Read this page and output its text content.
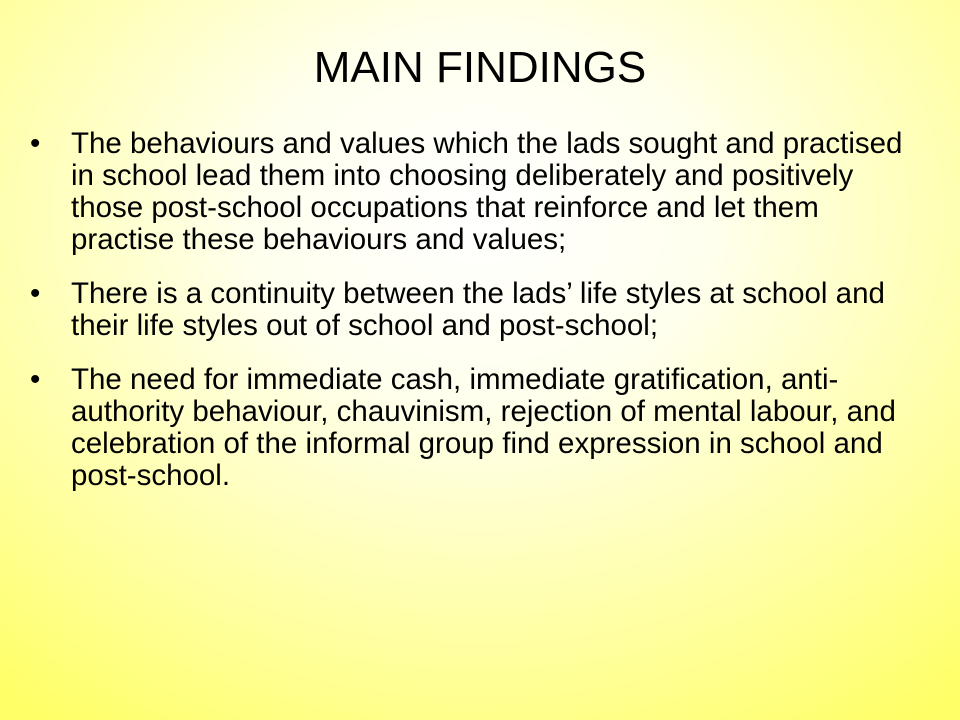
MAIN FINDINGS
•	The behaviours and values which the lads sought and practised in school lead them into choosing deliberately and positively those post-school occupations that reinforce and let them practise these behaviours and values;
•	There is a continuity between the lads’ life styles at school and their life styles out of school and post-school;
•	The need for immediate cash, immediate gratification, anti-authority behaviour, chauvinism, rejection of mental labour, and celebration of the informal group find expression in school and post-school.
